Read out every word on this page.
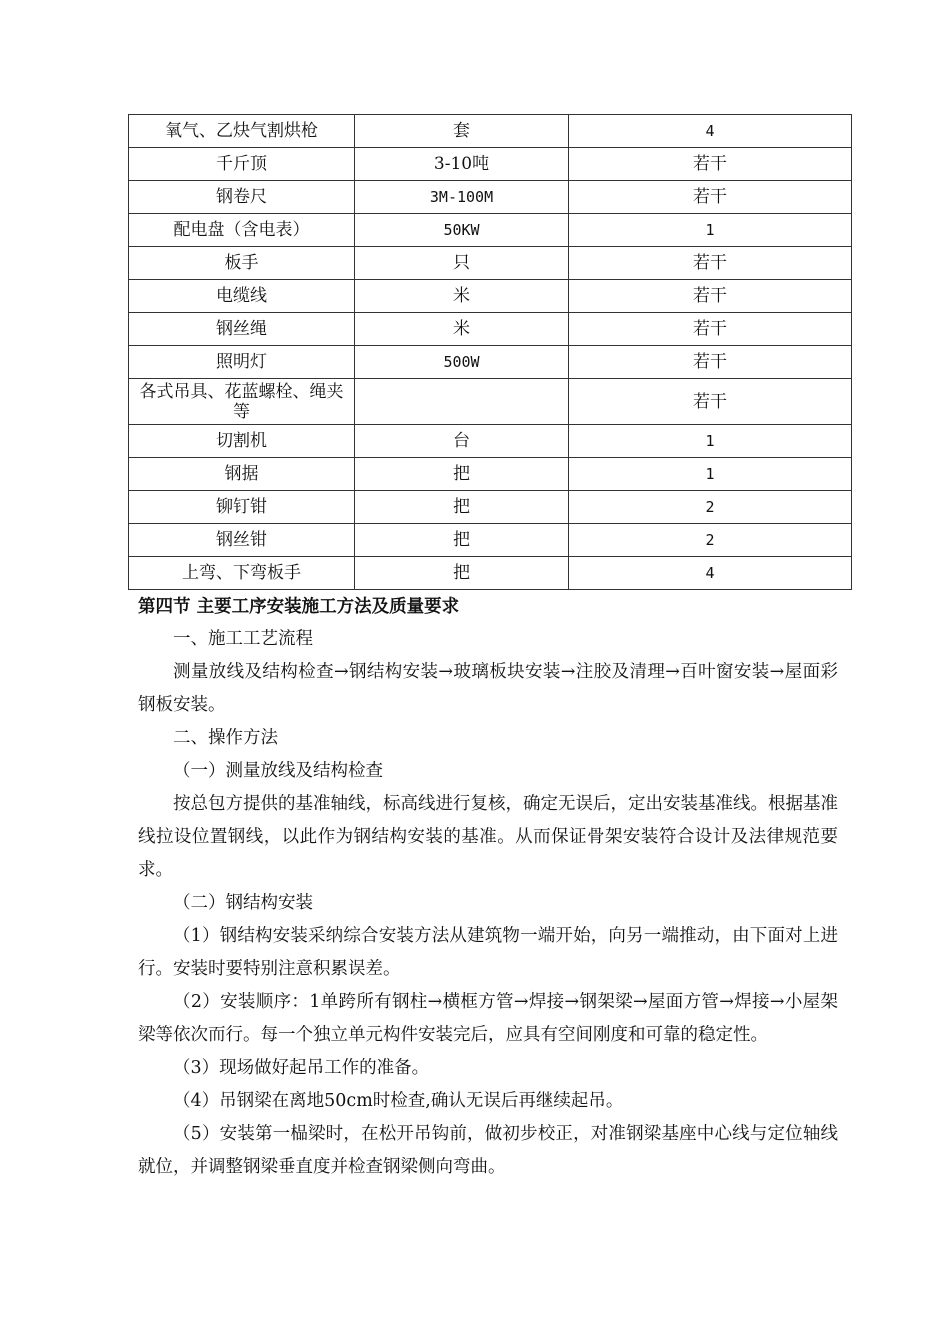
氧气、乙炔气割烘枪	套	4
千斤顶	3-10吨	若干
钢卷尺	3M-100M	若干
配电盘（含电表）	50KW	1
板手	只	若干
电缆线	米	若干
钢丝绳	米	若干
照明灯	500W	若干
各式吊具、花蓝螺栓、绳夹等		若干
切割机	台	1
钢据	把	1
铆钉钳	把	2
钢丝钳	把	2
上弯、下弯板手	把	4

第四节 主要工序安装施工方法及质量要求

一、施工工艺流程

测量放线及结构检查→钢结构安装→玻璃板块安装→注胶及清理→百叶窗安装→屋面彩钢板安装。

二、操作方法

（一）测量放线及结构检查

按总包方提供的基准轴线，标高线进行复核，确定无误后，定出安装基准线。根据基准线拉设位置钢线，以此作为钢结构安装的基准。从而保证骨架安装符合设计及法律规范要求。

（二）钢结构安装

（1）钢结构安装采纳综合安装方法从建筑物一端开始，向另一端推动，由下面对上进行。安装时要特别注意积累误差。

（2）安装顺序：1单跨所有钢柱→横框方管→焊接→钢架梁→屋面方管→焊接→小屋架梁等依次而行。每一个独立单元构件安装完后，应具有空间刚度和可靠的稳定性。

（3）现场做好起吊工作的准备。

（4）吊钢梁在离地50cm时检查,确认无误后再继续起吊。

（5）安装第一榀梁时，在松开吊钩前，做初步校正，对准钢梁基座中心线与定位轴线就位，并调整钢梁垂直度并检查钢梁侧向弯曲。
